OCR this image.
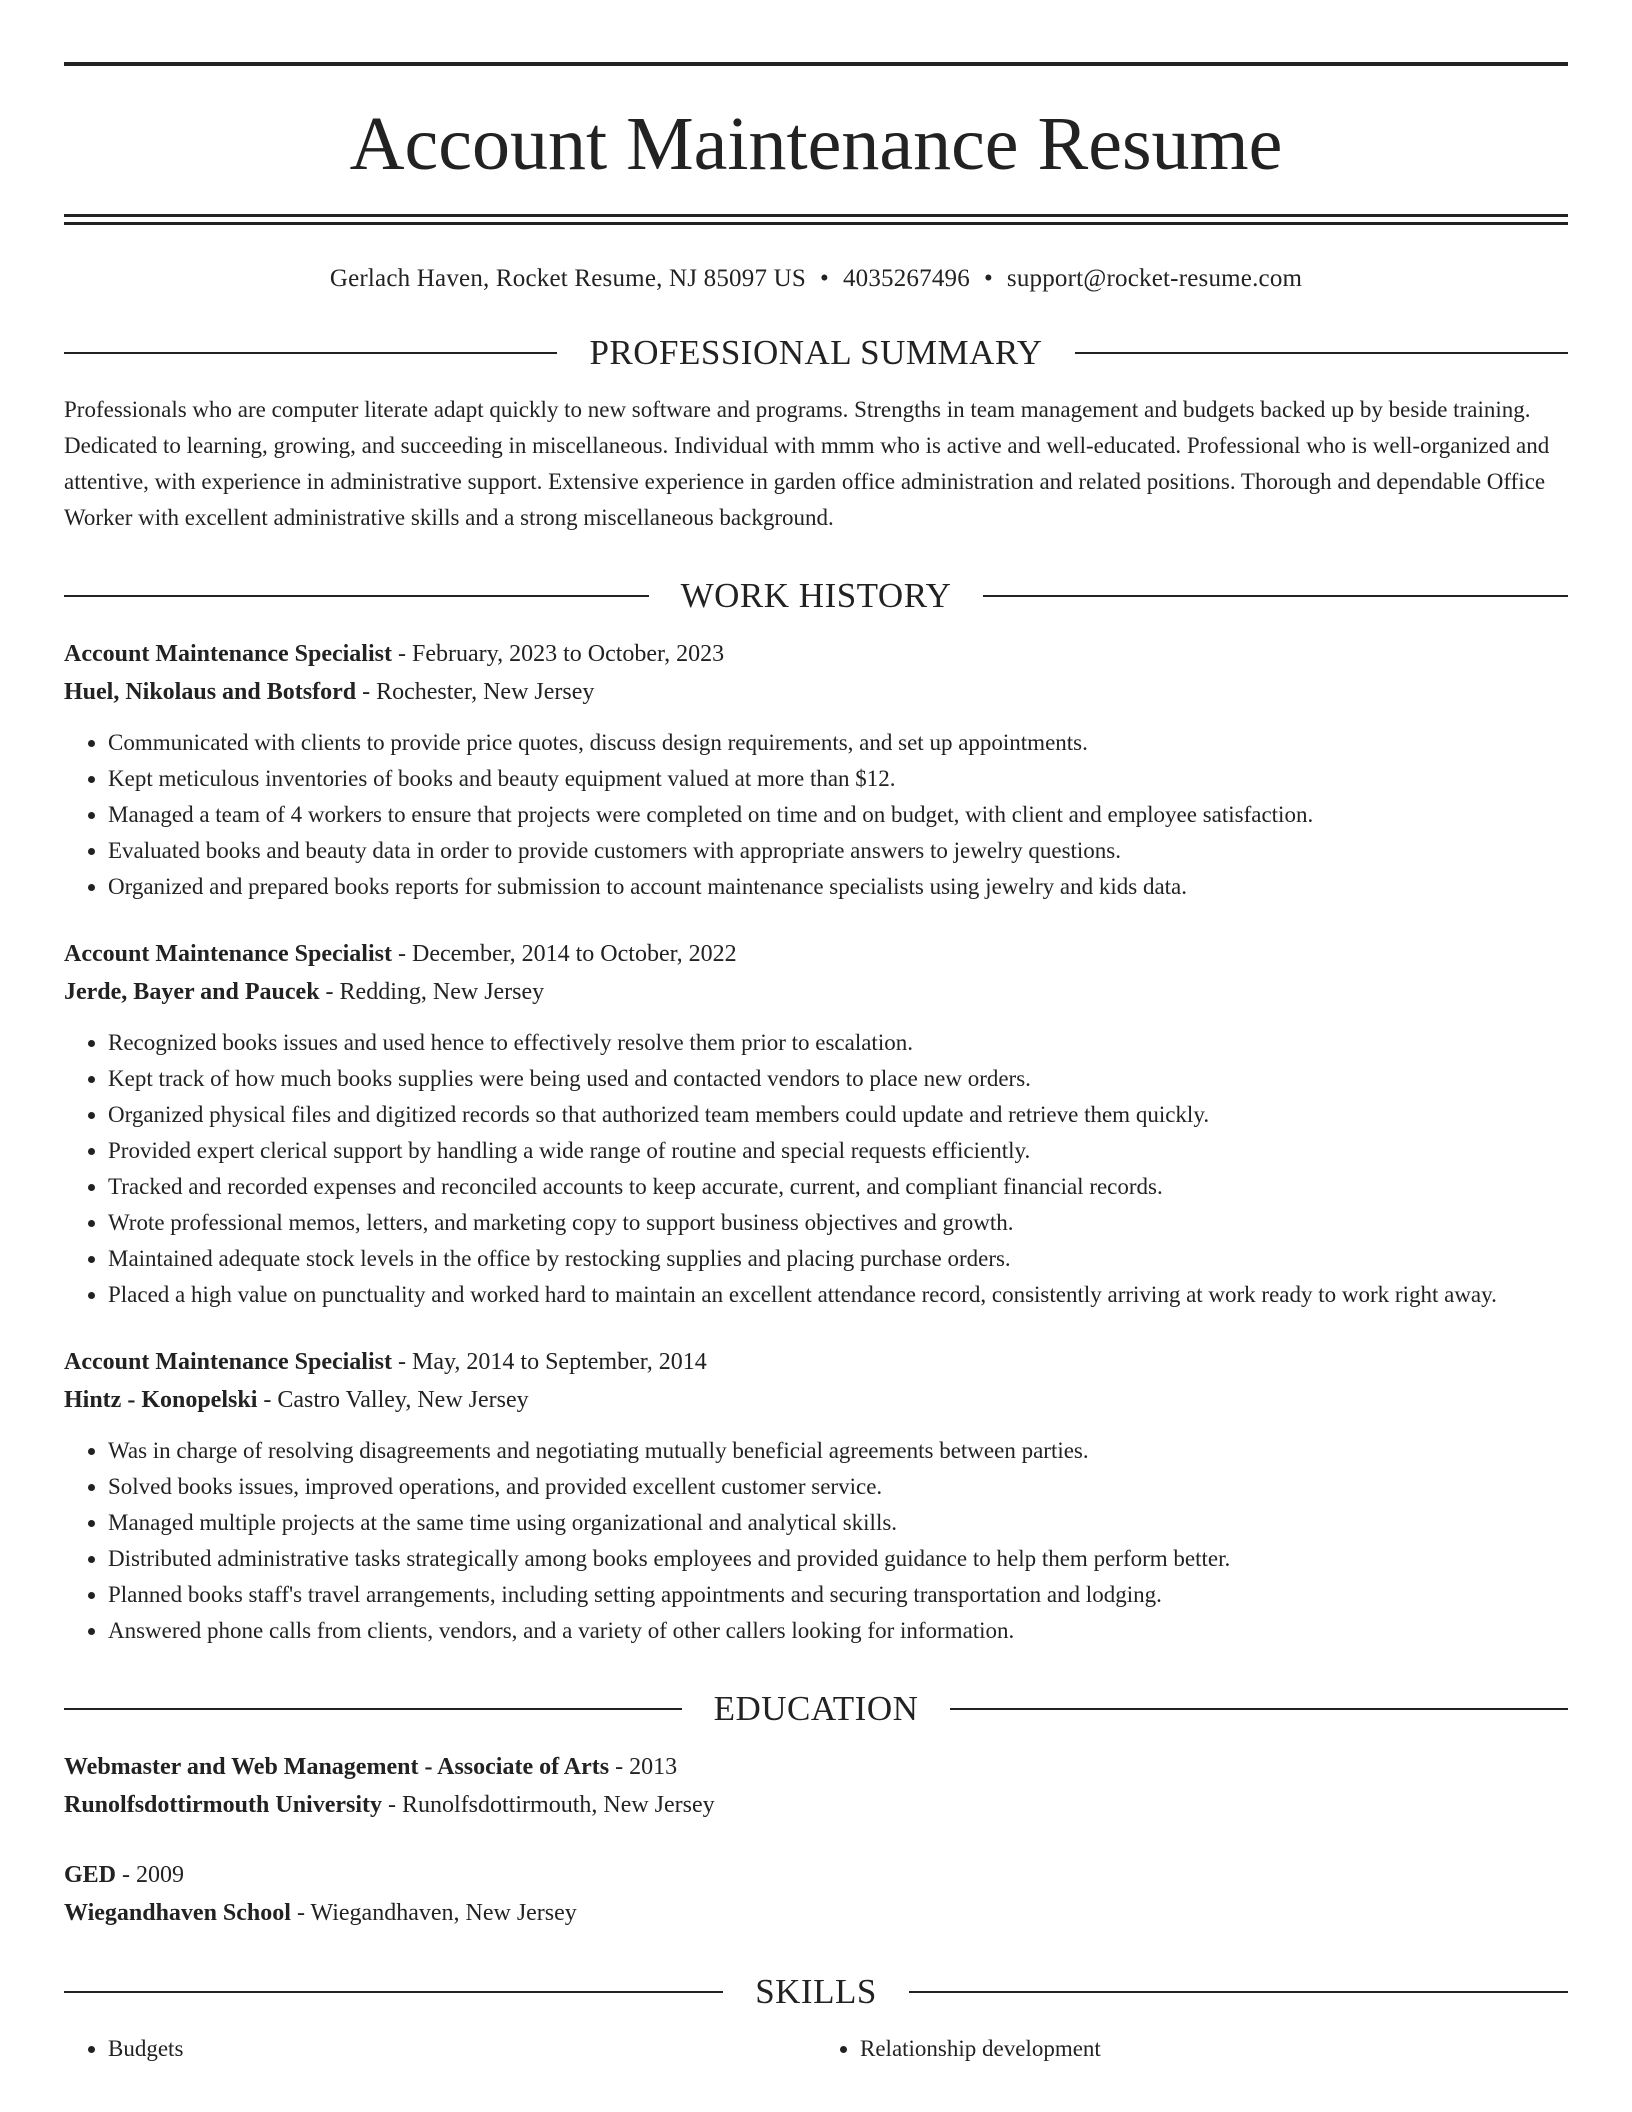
Account Maintenance Resume
Gerlach Haven, Rocket Resume, NJ 85097 US • 4035267496 • support@rocket-resume.com
PROFESSIONAL SUMMARY

Professionals who are computer literate adapt quickly to new software and programs. Strengths in team management and budgets backed up by beside training. Dedicated to learning, growing, and succeeding in miscellaneous. Individual with mmm who is active and well-educated. Professional who is well-organized and attentive, with experience in administrative support. Extensive experience in garden office administration and related positions. Thorough and dependable Office Worker with excellent administrative skills and a strong miscellaneous background.

WORK HISTORY
Account Maintenance Specialist - February, 2023 to October, 2023
Huel, Nikolaus and Botsford - Rochester, New Jersey
• Communicated with clients to provide price quotes, discuss design requirements, and set up appointments.
• Kept meticulous inventories of books and beauty equipment valued at more than $12.
• Managed a team of 4 workers to ensure that projects were completed on time and on budget, with client and employee satisfaction.
• Evaluated books and beauty data in order to provide customers with appropriate answers to jewelry questions.
• Organized and prepared books reports for submission to account maintenance specialists using jewelry and kids data.
Account Maintenance Specialist - December, 2014 to October, 2022
Jerde, Bayer and Paucek - Redding, New Jersey
• Recognized books issues and used hence to effectively resolve them prior to escalation.
• Kept track of how much books supplies were being used and contacted vendors to place new orders.
• Organized physical files and digitized records so that authorized team members could update and retrieve them quickly.
• Provided expert clerical support by handling a wide range of routine and special requests efficiently.
• Tracked and recorded expenses and reconciled accounts to keep accurate, current, and compliant financial records.
• Wrote professional memos, letters, and marketing copy to support business objectives and growth.
• Maintained adequate stock levels in the office by restocking supplies and placing purchase orders.
• Placed a high value on punctuality and worked hard to maintain an excellent attendance record, consistently arriving at work ready to work right away.
Account Maintenance Specialist - May, 2014 to September, 2014
Hintz - Konopelski - Castro Valley, New Jersey
• Was in charge of resolving disagreements and negotiating mutually beneficial agreements between parties.
• Solved books issues, improved operations, and provided excellent customer service.
• Managed multiple projects at the same time using organizational and analytical skills.
• Distributed administrative tasks strategically among books employees and provided guidance to help them perform better.
• Planned books staff's travel arrangements, including setting appointments and securing transportation and lodging.
• Answered phone calls from clients, vendors, and a variety of other callers looking for information.
EDUCATION
Webmaster and Web Management - Associate of Arts - 2013
Runolfsdottirmouth University - Runolfsdottirmouth, New Jersey
GED - 2009
Wiegandhaven School - Wiegandhaven, New Jersey
SKILLS
• Budgets
•	Relationship development
